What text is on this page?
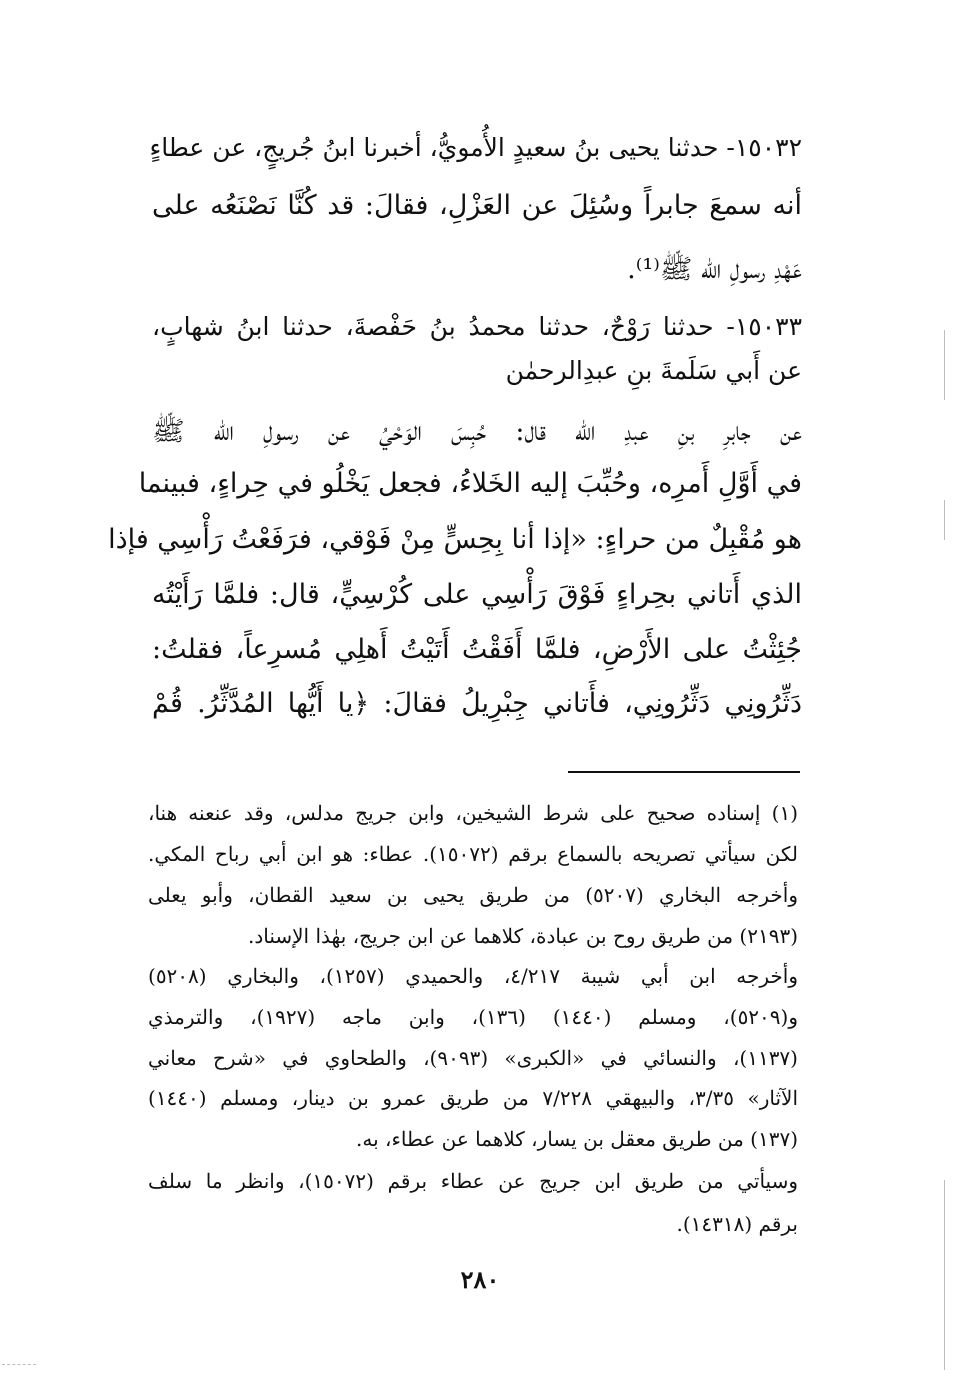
١٥٠٣٢- حدثنا يحيى بنُ سعيدٍ الأُمويُّ، أخبرنا ابنُ جُريجٍ، عن عطاءٍ
أنه سمعَ جابراً وسُئِلَ عن العَزْلِ، فقالَ: قد كُنَّا نَصْنَعُه على
عَهْدِ رسولِ الله ﷺ⁽¹⁾.
١٥٠٣٣- حدثنا رَوْحٌ، حدثنا محمدُ بنُ حَفْصةَ، حدثنا ابنُ شهابٍ،
عن أَبي سَلَمةَ بنِ عبدِالرحمٰن
عن جابرِ بنِ عبدِ الله قال: حُبِسَ الوَحْيُ عن رسولِ الله ﷺ
في أَوَّلِ أَمرِه، وحُبِّبَ إليه الخَلاءُ، فجعل يَخْلُو في حِراءٍ، فبينما
هو مُقْبِلٌ من حراءٍ: «إذا أنا بِحِسٍّ مِنْ فَوْقي، فرَفَعْتُ رَأْسِي فإذا
الذي أَتاني بحِراءٍ فَوْقَ رَأْسِي على كُرْسِيٍّ، قال: فلمَّا رَأَيْتُه
جُئِثْتُ على الأَرْضِ، فلمَّا أَفَقْتُ أَتَيْتُ أَهلِي مُسرِعاً، فقلتُ:
دَثِّرُونِي دَثِّرُونِي، فأَتاني جِبْرِيلُ فقالَ: ﴿يا أَيُّها المُدَّثِّرُ. قُمْ
(١) إسناده صحيح على شرط الشيخين، وابن جريج مدلس، وقد عنعنه هنا،
لكن سيأتي تصريحه بالسماع برقم (١٥٠٧٢). عطاء: هو ابن أبي رباح المكي.
وأخرجه البخاري (٥٢٠٧) من طريق يحيى بن سعيد القطان، وأبو يعلى
(٢١٩٣) من طريق روح بن عبادة، كلاهما عن ابن جريج، بهٰذا الإسناد.
وأخرجه ابن أبي شيبة ٤/٢١٧، والحميدي (١٢٥٧)، والبخاري (٥٢٠٨)
و(٥٢٠٩)، ومسلم (١٤٤٠) (١٣٦)، وابن ماجه (١٩٢٧)، والترمذي
(١١٣٧)، والنسائي في «الكبرى» (٩٠٩٣)، والطحاوي في «شرح معاني
الآثار» ٣/٣٥، والبيهقي ٧/٢٢٨ من طريق عمرو بن دينار، ومسلم (١٤٤٠)
(١٣٧) من طريق معقل بن يسار، كلاهما عن عطاء، به.
وسيأتي من طريق ابن جريج عن عطاء برقم (١٥٠٧٢)، وانظر ما سلف
برقم (١٤٣١٨).
٢٨٠
